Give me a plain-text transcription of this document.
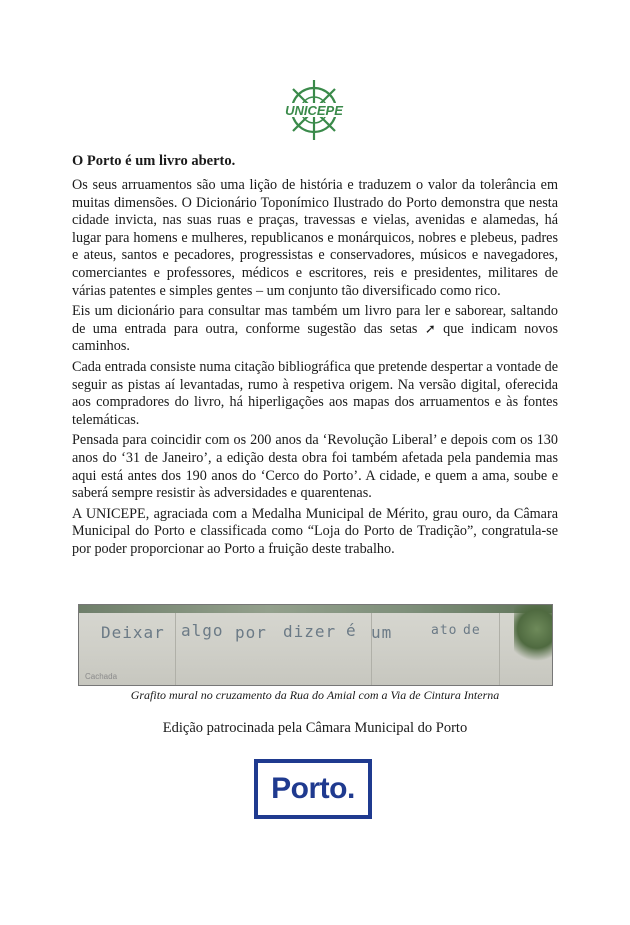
UNICEPE

O Porto é um livro aberto.

Os seus arruamentos são uma lição de história e traduzem o valor da tolerância em muitas dimensões. O Dicionário Toponímico Ilustrado do Porto demonstra que nesta cidade invicta, nas suas ruas e praças, travessas e vielas, avenidas e alamedas, há lugar para homens e mulheres, republicanos e monárquicos, nobres e plebeus, padres e ateus, santos e pecadores, progressistas e conservadores, músicos e navegadores, comerciantes e professores, médicos e escritores, reis e presidentes, militares de várias patentes e simples gentes – um conjunto tão diversificado como rico.

Eis um dicionário para consultar mas também um livro para ler e saborear, saltando de uma entrada para outra, conforme sugestão das setas ➚ que indicam novos caminhos.

Cada entrada consiste numa citação bibliográfica que pretende despertar a vontade de seguir as pistas aí levantadas, rumo à respetiva origem. Na versão digital, oferecida aos compradores do livro, há hiperligações aos mapas dos arruamentos e às fontes telemáticas.

Pensada para coincidir com os 200 anos da ‘Revolução Liberal’ e depois com os 130 anos do ‘31 de Janeiro’, a edição desta obra foi também afetada pela pandemia mas aqui está antes dos 190 anos do ‘Cerco do Porto’. A cidade, e quem a ama, soube e saberá sempre resistir às adversidades e quarentenas.

A UNICEPE, agraciada com a Medalha Municipal de Mérito, grau ouro, da Câmara Municipal do Porto e classificada como “Loja do Porto de Tradição”, congratula-se por poder proporcionar ao Porto a fruição deste trabalho.

Deixar algo por dizer é um	ato de
Cachada
Grafito mural no cruzamento da Rua do Amial com a Via de Cintura Interna
Edição patrocinada pela Câmara Municipal do Porto
Porto.
